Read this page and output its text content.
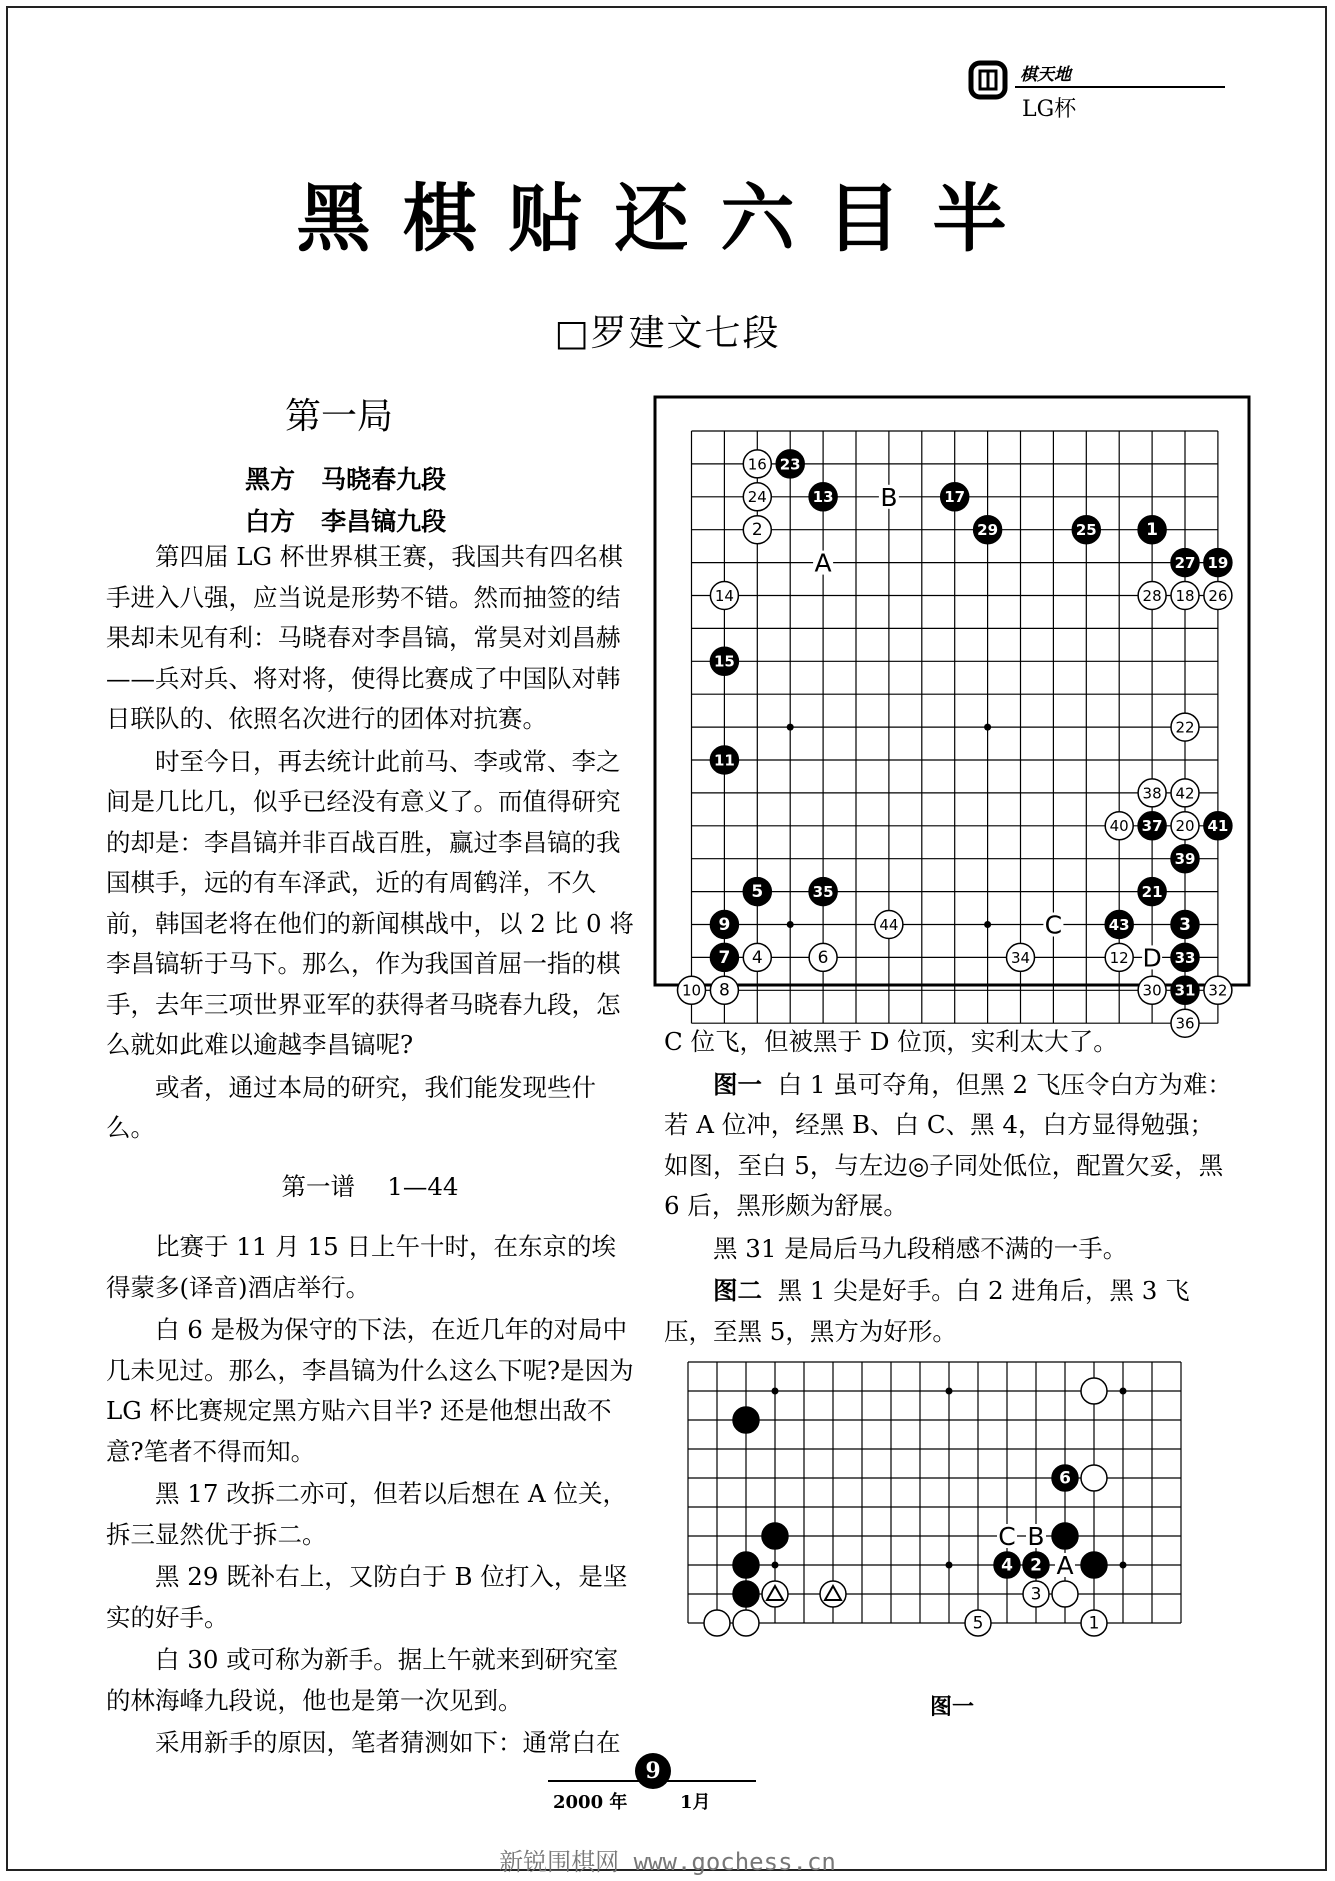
棋天地
LG杯
黑棋贴还六目半
□罗建文七段
第一局
黑方 马晓春九段
白方 李昌镐九段

第四届 LG 杯世界棋王赛，我国共有四名棋手进入八强，应当说是形势不错。然而抽签的结果却未见有利：马晓春对李昌镐，常昊对刘昌赫——兵对兵、将对将，使得比赛成了中国队对韩日联队的、依照名次进行的团体对抗赛。

时至今日，再去统计此前马、李或常、李之间是几比几，似乎已经没有意义了。而值得研究的却是：李昌镐并非百战百胜，赢过李昌镐的我国棋手，远的有车泽武，近的有周鹤洋，不久前，韩国老将在他们的新闻棋战中，以 2 比 0 将李昌镐斩于马下。那么，作为我国首屈一指的棋手，去年三项世界亚军的获得者马晓春九段，怎么就如此难以逾越李昌镐呢?

或者，通过本局的研究，我们能发现些什么。

第一谱　 1—44

比赛于 11 月 15 日上午十时，在东京的埃得蒙多(译音)酒店举行。

白 6 是极为保守的下法，在近几年的对局中几未见过。那么，李昌镐为什么这么下呢?是因为 LG 杯比赛规定黑方贴六目半? 还是他想出敌不意?笔者不得而知。

黑 17 改拆二亦可，但若以后想在 A 位关，拆三显然优于拆二。

黑 29 既补右上，又防白于 B 位打入，是坚实的好手。

白 30 或可称为新手。据上午就来到研究室的林海峰九段说，他也是第一次见到。

采用新手的原因，笔者猜测如下：通常白在

B
A
C
D
16 23
24	13	17
2	29	25	1
27 19
14	28 18 26
15
22
11
38 42
40 37 20 41
39
5	35	21
9	44	43	3
7 4	6	34	12	33
10 8	30 31 32
36

C 位飞，但被黑于 D 位顶，实利太大了。

图一 白 1 虽可夺角，但黑 2 飞压令白方为难：若 A 位冲，经黑 B、白 C、黑 4，白方显得勉强；如图，至白 5，与左边◎子同处低位，配置欠妥，黑 6 后，黑形颇为舒展。

黑 31 是局后马九段稍感不满的一手。

图二 黑 1 尖是好手。白 2 进角后，黑 3 飞压，至黑 5，黑方为好形。

B
C
A
6
4 2
3
5	1
图一
2000 年
9
1月
新锐围棋网 www.gochess.cn
